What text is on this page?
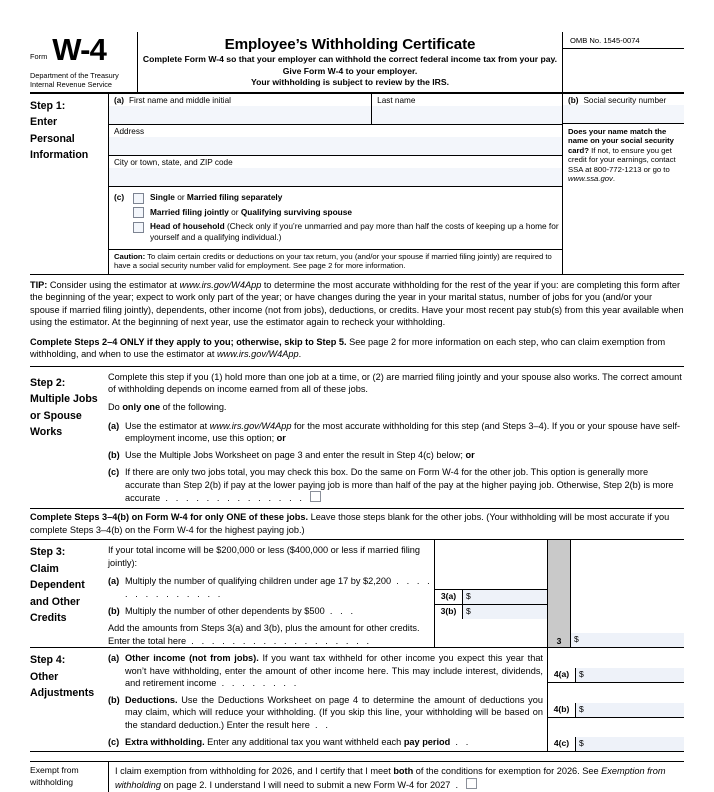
Form W-4
Department of the Treasury
Internal Revenue Service
Employee’s Withholding Certificate
Complete Form W-4 so that your employer can withhold the correct federal income tax from your pay.
Give Form W-4 to your employer.
Your withholding is subject to review by the IRS.
OMB No. 1545-0074
Step 1:
Enter
Personal
Information
(a) First name and middle initial	Last name
Address
City or town, state, and ZIP code
(c)	Single or Married filing separately
Married filing jointly or Qualifying surviving spouse
Head of household (Check only if you’re unmarried and pay more than half the costs of keeping up a home for yourself and a qualifying individual.)
Caution: To claim certain credits or deductions on your tax return, you (and/or your spouse if married filing jointly) are required to have a social security number valid for employment. See page 2 for more information.
(b) Social security number
Does your name match the name on your social security card? If not, to ensure you get credit for your earnings, contact SSA at 800-772-1213 or go to www.ssa.gov.

TIP: Consider using the estimator at www.irs.gov/W4App to determine the most accurate withholding for the rest of the year if you: are completing this form after the beginning of the year; expect to work only part of the year; or have changes during the year in your marital status, number of jobs for you (and/or your spouse if married filing jointly), dependents, other income (not from jobs), deductions, or credits. Have your most recent pay stub(s) from this year available when using the estimator. At the beginning of next year, use the estimator again to recheck your withholding.

Complete Steps 2–4 ONLY if they apply to you; otherwise, skip to Step 5. See page 2 for more information on each step, who can claim exemption from withholding, and when to use the estimator at www.irs.gov/W4App.

Step 2:
Multiple Jobs
or Spouse
Works

Complete this step if you (1) hold more than one job at a time, or (2) are married filing jointly and your spouse also works. The correct amount of withholding depends on income earned from all of these jobs.

Do only one of the following.

(a) Use the estimator at www.irs.gov/W4App for the most accurate withholding for this step (and Steps 3–4). If you or your spouse have self-employment income, use this option; or
(b) Use the Multiple Jobs Worksheet on page 3 and enter the result in Step 4(c) below; or
(c) If there are only two jobs total, you may check this box. Do the same on Form W-4 for the other job. This option is generally more accurate than Step 2(b) if pay at the lower paying job is more than half of the pay at the higher paying job. Otherwise, Step 2(b) is more accurate . . . . . . . . . . . . . .

Complete Steps 3–4(b) on Form W-4 for only ONE of these jobs. Leave those steps blank for the other jobs. (Your withholding will be most accurate if you complete Steps 3–4(b) on the Form W-4 for the highest paying job.)

Step 3:
Claim
Dependent
and Other
Credits

If your total income will be $200,000 or less ($400,000 or less if married filing jointly):

(a) Multiply the number of qualifying children under age 17 by $2,200 . . . . . . . . . . . . . .
(b) Multiply the number of other dependents by $500 . . .

Add the amounts from Steps 3(a) and 3(b), plus the amount for other credits. Enter the total here . . . . . . . . . . . . . . . . . .

3(a)	$
3(b)	$
3	$
Step 4:
Other
Adjustments
(a) Other income (not from jobs). If you want tax withheld for other income you expect this year that won’t have withholding, enter the amount of other income here. This may include interest, dividends, and retirement income . . . . . . . .
(b) Deductions. Use the Deductions Worksheet on page 4 to determine the amount of deductions you may claim, which will reduce your withholding. (If you skip this line, your withholding will be based on the standard deduction.) Enter the result here . .
(c) Extra withholding. Enter any additional tax you want withheld each pay period . .
4(a)	$
4(b)	$
4(c)	$
Exempt from
withholding
I claim exemption from withholding for 2026, and I certify that I meet both of the conditions for exemption for 2026. See Exemption from withholding on page 2. I understand I will need to submit a new Form W-4 for 2027 .
